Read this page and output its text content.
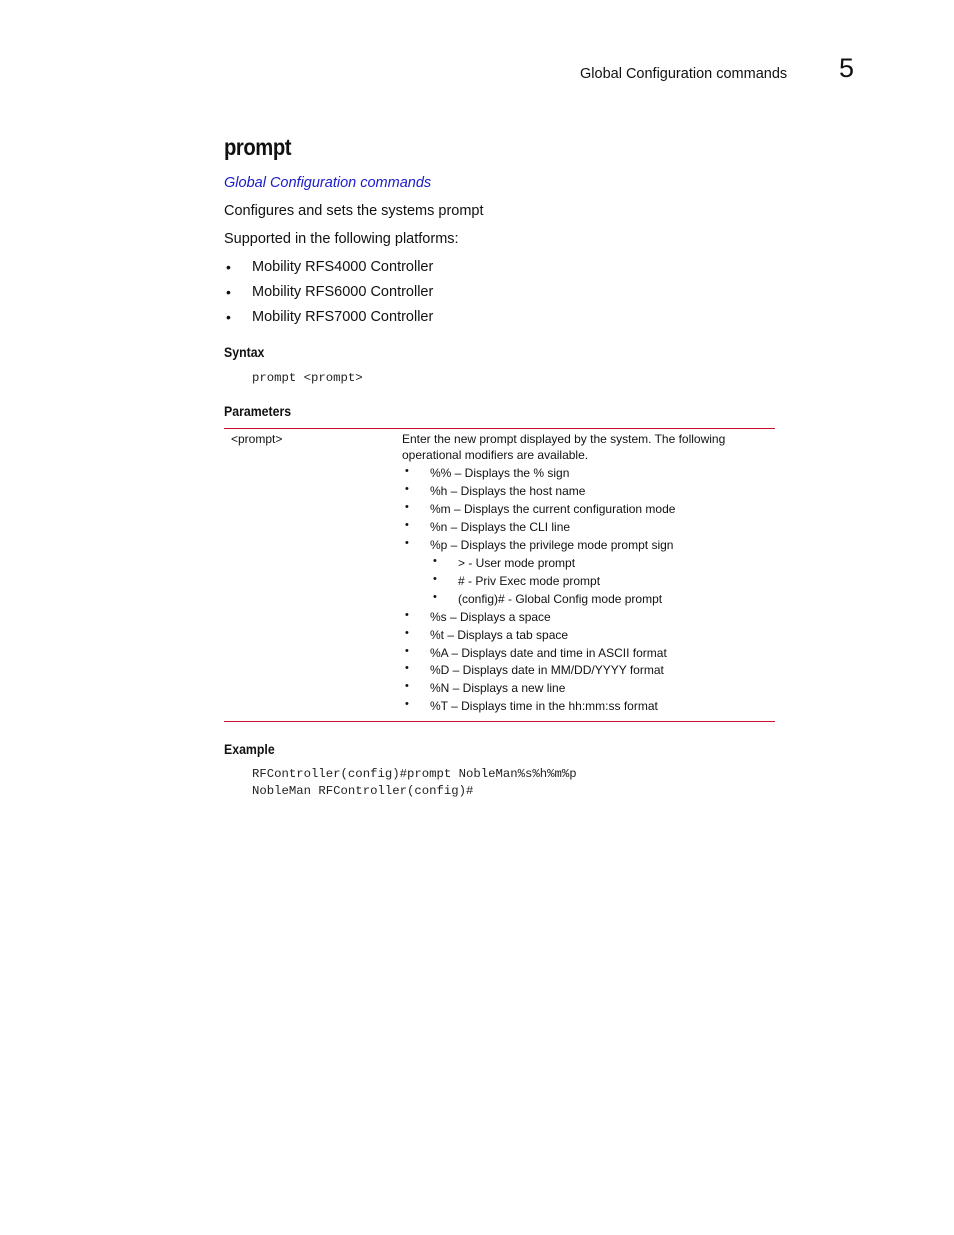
Global Configuration commands 5
prompt
Global Configuration commands
Configures and sets the systems prompt
Supported in the following platforms:
• Mobility RFS4000 Controller
• Mobility RFS6000 Controller
• Mobility RFS7000 Controller
Syntax
prompt <prompt>
Parameters
<prompt>	Enter the new prompt displayed by the system. The following
operational modifiers are available.
• %% – Displays the % sign
• %h – Displays the host name
• %m – Displays the current configuration mode
• %n – Displays the CLI line
• %p – Displays the privilege mode prompt sign
• > - User mode prompt
• # - Priv Exec mode prompt
• (config)# - Global Config mode prompt
• %s – Displays a space
• %t – Displays a tab space
• %A – Displays date and time in ASCII format
• %D – Displays date in MM/DD/YYYY format
• %N – Displays a new line
• %T – Displays time in the hh:mm:ss format
Example
RFController(config)#prompt NobleMan%s%h%m%p
NobleMan RFController(config)#
